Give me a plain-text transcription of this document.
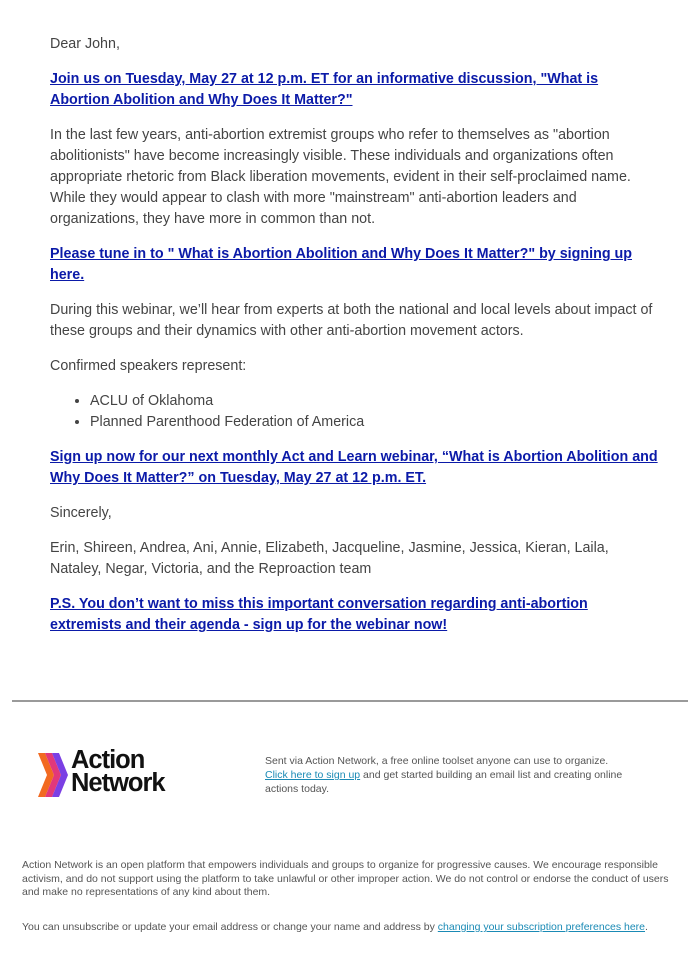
Dear John,

Join us on Tuesday, May 27 at 12 p.m. ET for an informative discussion, "What is Abortion Abolition and Why Does It Matter?"

In the last few years, anti-abortion extremist groups who refer to themselves as "abortion abolitionists" have become increasingly visible. These individuals and organizations often appropriate rhetoric from Black liberation movements, evident in their self-proclaimed name. While they would appear to clash with more "mainstream" anti-abortion leaders and organizations, they have more in common than not.

Please tune in to " What is Abortion Abolition and Why Does It Matter?" by signing up here.

During this webinar, we’ll hear from experts at both the national and local levels about impact of these groups and their dynamics with other anti-abortion movement actors.

Confirmed speakers represent:

• ACLU of Oklahoma
• Planned Parenthood Federation of America

Sign up now for our next monthly Act and Learn webinar, “What is Abortion Abolition and Why Does It Matter?” on Tuesday, May 27 at 12 p.m. ET.

Sincerely,

Erin, Shireen, Andrea, Ani, Annie, Elizabeth, Jacqueline, Jasmine, Jessica, Kieran, Laila, Nataley, Negar, Victoria, and the Reproaction team

P.S. You don’t want to miss this important conversation regarding anti-abortion extremists and their agenda - sign up for the webinar now!

Action
Network
Sent via Action Network, a free online toolset anyone can use to organize.
Click here to sign up and get started building an email list and creating online actions today.
Action Network is an open platform that empowers individuals and groups to organize for progressive causes. We encourage responsible activism, and do not support using the platform to take unlawful or other improper action. We do not control or endorse the conduct of users and make no representations of any kind about them.
You can unsubscribe or update your email address or change your name and address by changing your subscription preferences here.
